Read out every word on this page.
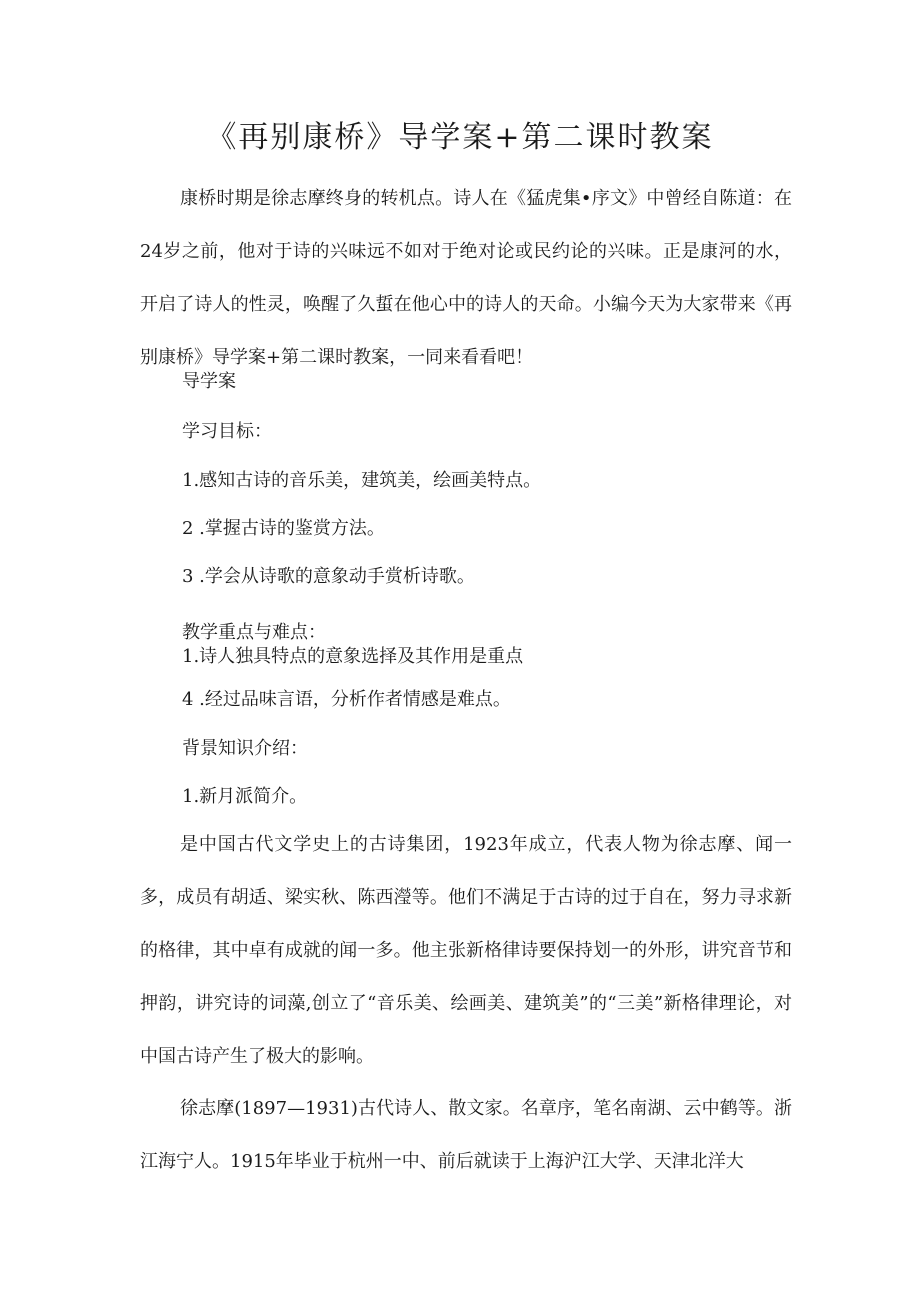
《再别康桥》导学案+第二课时教案
康桥时期是徐志摩终身的转机点。诗人在《猛虎集•序文》中曾经自陈道：在24岁之前，他对于诗的兴味远不如对于绝对论或民约论的兴味。正是康河的水，开启了诗人的性灵，唤醒了久蜇在他心中的诗人的天命。小编今天为大家带来《再别康桥》导学案+第二课时教案，一同来看看吧！
导学案
学习目标：
1.感知古诗的音乐美，建筑美，绘画美特点。
2 .掌握古诗的鉴赏方法。
3 .学会从诗歌的意象动手赏析诗歌。
教学重点与难点：
1.诗人独具特点的意象选择及其作用是重点
4 .经过品味言语，分析作者情感是难点。
背景知识介绍：
1.新月派简介。
是中国古代文学史上的古诗集团，1923年成立，代表人物为徐志摩、闻一多，成员有胡适、梁实秋、陈西瀅等。他们不满足于古诗的过于自在，努力寻求新的格律，其中卓有成就的闻一多。他主张新格律诗要保持划一的外形，讲究音节和押韵，讲究诗的词藻,创立了“音乐美、绘画美、建筑美”的“三美”新格律理论，对中国古诗产生了极大的影响。
徐志摩(1897—1931)古代诗人、散文家。名章序，笔名南湖、云中鹤等。浙江海宁人。1915年毕业于杭州一中、前后就读于上海沪江大学、天津北洋大
